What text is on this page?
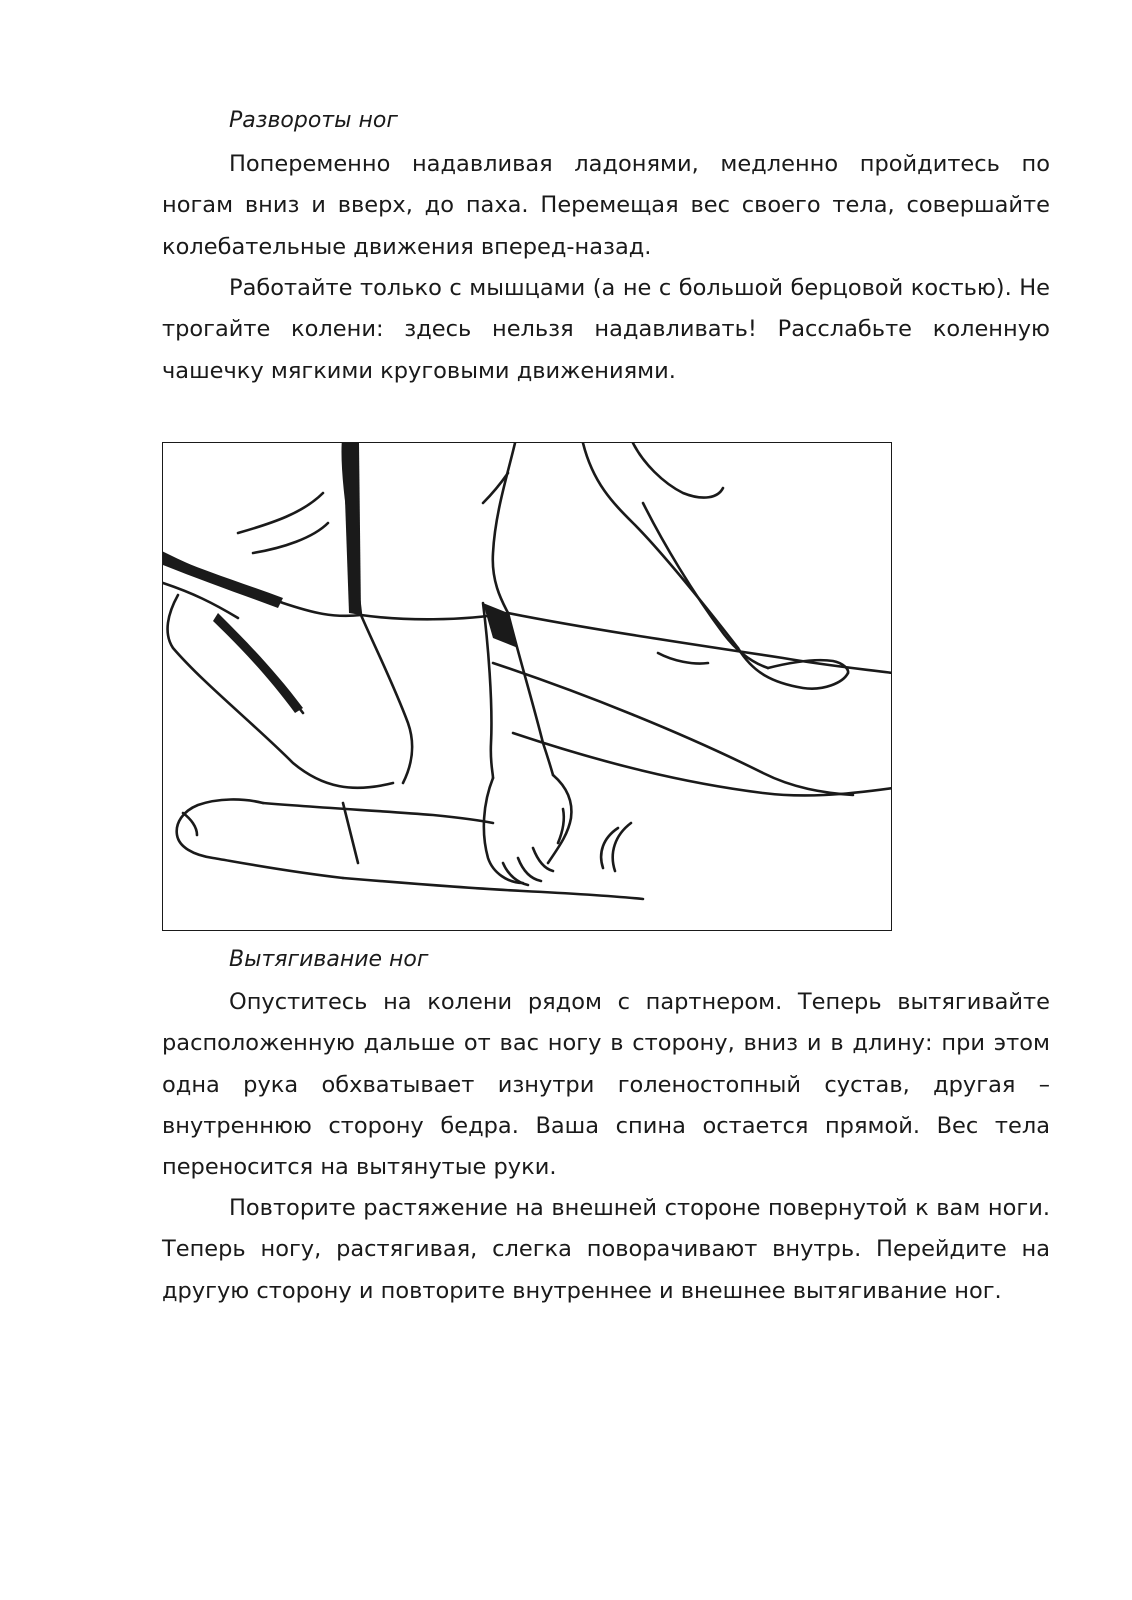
Развороты ног

Попеременно надавливая ладонями, медленно пройдитесь по ногам вниз и вверх, до паха. Перемещая вес своего тела, совершайте колебательные движения вперед-назад.

Работайте только с мышцами (а не с большой берцовой костью). Не трогайте колени: здесь нельзя надавливать! Расслабьте коленную чашечку мягкими круговыми движениями.

Вытягивание ног

Опуститесь на колени рядом с партнером. Теперь вытягивайте расположенную дальше от вас ногу в сторону, вниз и в длину: при этом одна рука обхватывает изнутри голеностопный сустав, другая – внутреннюю сторону бедра. Ваша спина остается прямой. Вес тела переносится на вытянутые руки.

Повторите растяжение на внешней стороне повернутой к вам ноги. Теперь ногу, растягивая, слегка поворачивают внутрь. Перейдите на другую сторону и повторите внутреннее и внешнее вытягивание ног.
